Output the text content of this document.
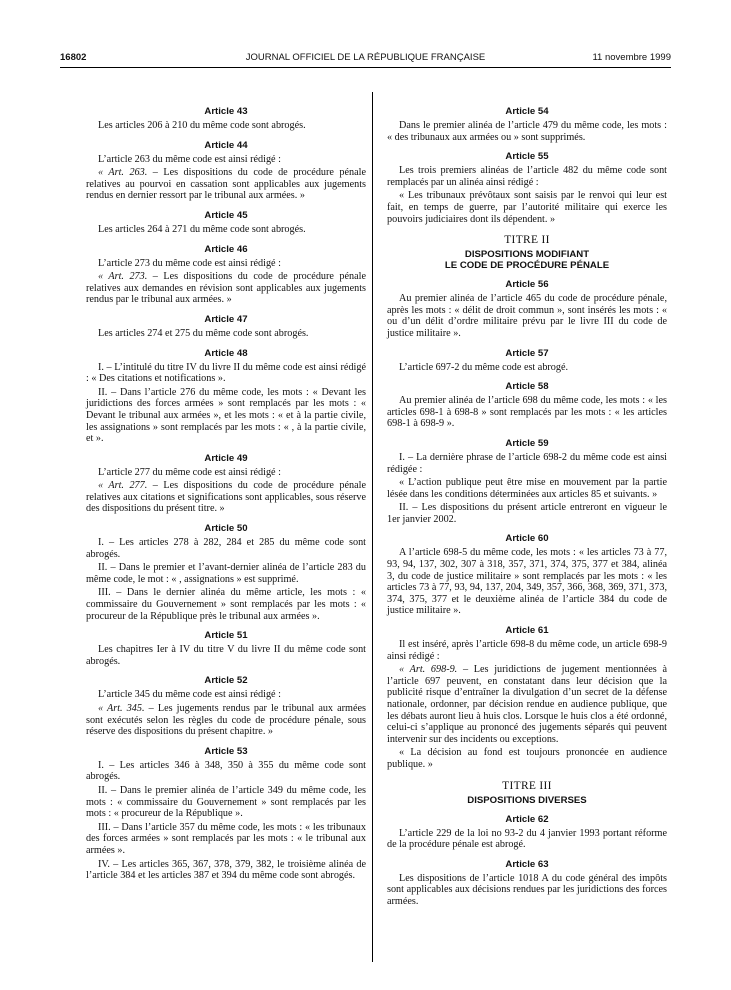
16802	JOURNAL OFFICIEL DE LA RÉPUBLIQUE FRANÇAISE	11 novembre 1999
Article 43

Les articles 206 à 210 du même code sont abrogés.

Article 44

L’article 263 du même code est ainsi rédigé :

« Art. 263. – Les dispositions du code de procédure pénale relatives au pourvoi en cassation sont applicables aux jugements rendus en dernier ressort par le tribunal aux armées. »

Article 45

Les articles 264 à 271 du même code sont abrogés.

Article 46

L’article 273 du même code est ainsi rédigé :

« Art. 273. – Les dispositions du code de procédure pénale relatives aux demandes en révision sont applicables aux jugements rendus par le tribunal aux armées. »

Article 47

Les articles 274 et 275 du même code sont abrogés.

Article 48

I. – L’intitulé du titre IV du livre II du même code est ainsi rédigé : « Des citations et notifications ».

II. – Dans l’article 276 du même code, les mots : « Devant les juridictions des forces armées » sont remplacés par les mots : « Devant le tribunal aux armées », et les mots : « et à la partie civile, les assignations » sont remplacés par les mots : « , à la partie civile, et ».

Article 49

L’article 277 du même code est ainsi rédigé :

« Art. 277. – Les dispositions du code de procédure pénale relatives aux citations et significations sont applicables, sous réserve des dispositions du présent titre. »

Article 50

I. – Les articles 278 à 282, 284 et 285 du même code sont abrogés.

II. – Dans le premier et l’avant-dernier alinéa de l’article 283 du même code, le mot : « , assignations » est supprimé.

III. – Dans le dernier alinéa du même article, les mots : « commissaire du Gouvernement » sont remplacés par les mots : « procureur de la République près le tribunal aux armées ».

Article 51

Les chapitres Ier à IV du titre V du livre II du même code sont abrogés.

Article 52

L’article 345 du même code est ainsi rédigé :

« Art. 345. – Les jugements rendus par le tribunal aux armées sont exécutés selon les règles du code de procédure pénale, sous réserve des dispositions du présent chapitre. »

Article 53

I. – Les articles 346 à 348, 350 à 355 du même code sont abrogés.

II. – Dans le premier alinéa de l’article 349 du même code, les mots : « commissaire du Gouvernement » sont remplacés par les mots : « procureur de la République ».

III. – Dans l’article 357 du même code, les mots : « les tribunaux des forces armées » sont remplacés par les mots : « le tribunal aux armées ».

IV. – Les articles 365, 367, 378, 379, 382, le troisième alinéa de l’article 384 et les articles 387 et 394 du même code sont abrogés.

Article 54

Dans le premier alinéa de l’article 479 du même code, les mots : « des tribunaux aux armées ou » sont supprimés.

Article 55

Les trois premiers alinéas de l’article 482 du même code sont remplacés par un alinéa ainsi rédigé :

« Les tribunaux prévôtaux sont saisis par le renvoi qui leur est fait, en temps de guerre, par l’autorité militaire qui exerce les pouvoirs judiciaires dont ils dépendent. »

TITRE II
DISPOSITIONS MODIFIANT
LE CODE DE PROCÉDURE PÉNALE
Article 56

Au premier alinéa de l’article 465 du code de procédure pénale, après les mots : « délit de droit commun », sont insérés les mots : « ou d’un délit d’ordre militaire prévu par le livre III du code de justice militaire ».

Article 57

L’article 697-2 du même code est abrogé.

Article 58

Au premier alinéa de l’article 698 du même code, les mots : « les articles 698-1 à 698-8 » sont remplacés par les mots : « les articles 698-1 à 698-9 ».

Article 59

I. – La dernière phrase de l’article 698-2 du même code est ainsi rédigée :

« L’action publique peut être mise en mouvement par la partie lésée dans les conditions déterminées aux articles 85 et suivants. »

II. – Les dispositions du présent article entreront en vigueur le 1er janvier 2002.

Article 60

A l’article 698-5 du même code, les mots : « les articles 73 à 77, 93, 94, 137, 302, 307 à 318, 357, 371, 374, 375, 377 et 384, alinéa 3, du code de justice militaire » sont remplacés par les mots : « les articles 73 à 77, 93, 94, 137, 204, 349, 357, 366, 368, 369, 371, 373, 374, 375, 377 et le deuxième alinéa de l’article 384 du code de justice militaire ».

Article 61

Il est inséré, après l’article 698-8 du même code, un article 698-9 ainsi rédigé :

« Art. 698-9. – Les juridictions de jugement mentionnées à l’article 697 peuvent, en constatant dans leur décision que la publicité risque d’entraîner la divulgation d’un secret de la défense nationale, ordonner, par décision rendue en audience publique, que les débats auront lieu à huis clos. Lorsque le huis clos a été ordonné, celui-ci s’applique au prononcé des jugements séparés qui peuvent intervenir sur des incidents ou exceptions.

« La décision au fond est toujours prononcée en audience publique. »

TITRE III
DISPOSITIONS DIVERSES
Article 62

L’article 229 de la loi no 93-2 du 4 janvier 1993 portant réforme de la procédure pénale est abrogé.

Article 63

Les dispositions de l’article 1018 A du code général des impôts sont applicables aux décisions rendues par les juridictions des forces armées.
